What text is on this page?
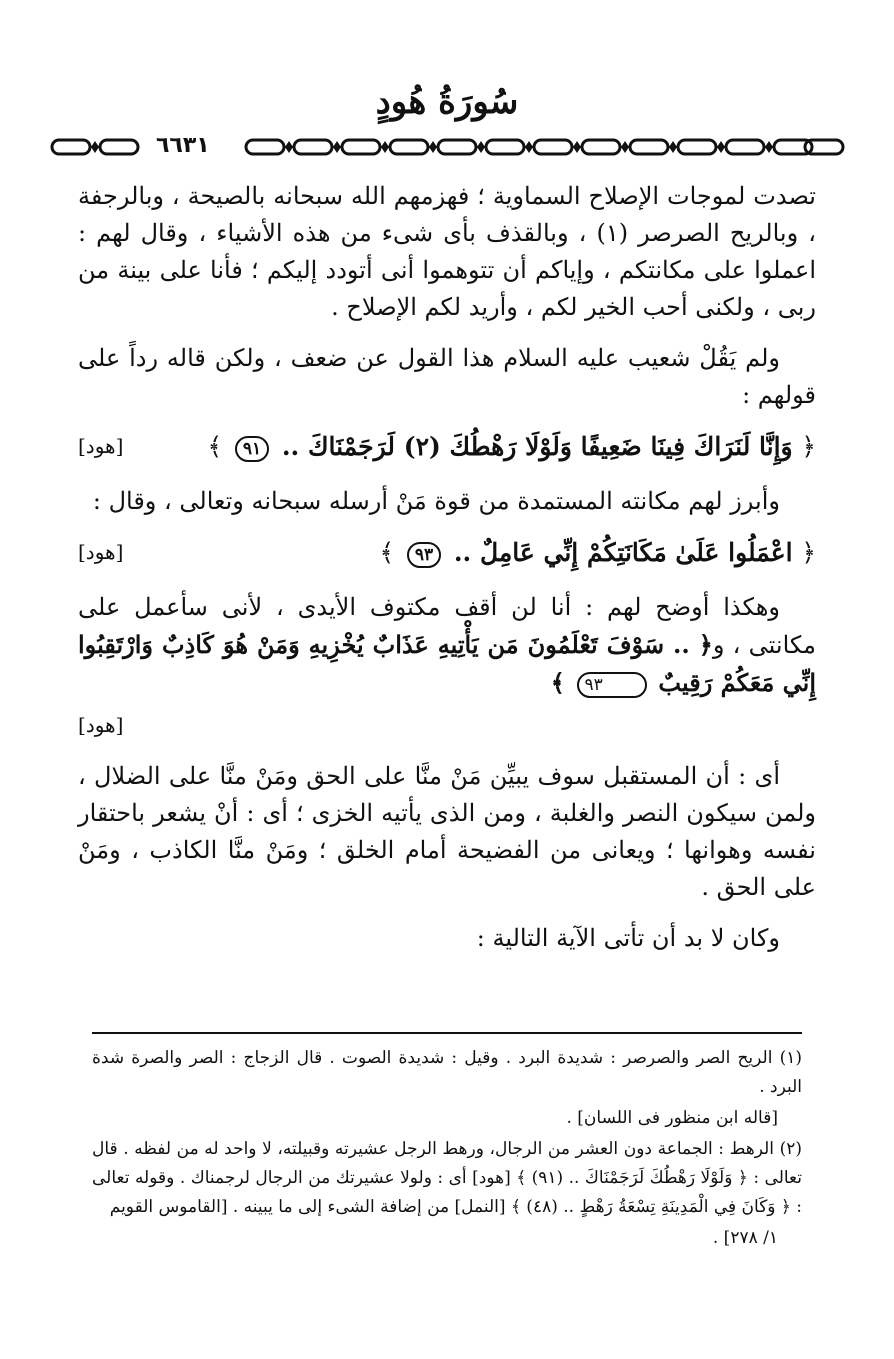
سُورَةُ هُودٍ
٦٦٣١

تصدت لموجات الإصلاح السماوية ؛ فهزمهم الله سبحانه بالصيحة ، وبالرجفة ، وبالريح الصرصر (١) ، وبالقذف بأى شىء من هذه الأشياء ، وقال لهم : اعملوا على مكانتكم ، وإياكم أن تتوهموا أنى أتودد إليكم ؛ فأنا على بينة من ربى ، ولكنى أحب الخير لكم ، وأريد لكم الإصلاح .

ولم يَقُلْ شعيب عليه السلام هذا القول عن ضعف ، ولكن قاله رداً على قولهم :

﴿ وَإِنَّا لَنَرَاكَ فِينَا ضَعِيفًا وَلَوْلَا رَهْطُكَ (٢) لَرَجَمْنَاكَ .. ٩١ ﴾
[هود]

وأبرز لهم مكانته المستمدة من قوة مَنْ أرسله سبحانه وتعالى ، وقال :

﴿ اعْمَلُوا عَلَىٰ مَكَانَتِكُمْ إِنِّي عَامِلٌ .. ٩٣ ﴾
[هود]

وهكذا أوضح لهم : أنا لن أقف مكتوف الأيدى ، لأنى سأعمل على مكانتى ، و﴿ .. سَوْفَ تَعْلَمُونَ مَن يَأْتِيهِ عَذَابٌ يُخْزِيهِ وَمَنْ هُوَ كَاذِبٌ وَارْتَقِبُوا إِنِّي مَعَكُمْ رَقِيبٌ ٩٣ ﴾

[هود]

أى : أن المستقبل سوف يبيِّن مَنْ منَّا على الحق ومَنْ منَّا على الضلال ، ولمن سيكون النصر والغلبة ، ومن الذى يأتيه الخزى ؛ أى : أنْ يشعر باحتقار نفسه وهوانها ؛ ويعانى من الفضيحة أمام الخلق ؛ ومَنْ منَّا الكاذب ، ومَنْ على الحق .

وكان لا بد أن تأتى الآية التالية :

(١) الريح الصر والصرصر : شديدة البرد . وقيل : شديدة الصوت . قال الزجاج : الصر والصرة شدة البرد .

[قاله ابن منظور فى اللسان] .

(٢) الرهط : الجماعة دون العشر من الرجال، ورهط الرجل عشيرته وقبيلته، لا واحد له من لفظه . قال تعالى : ﴿ وَلَوْلَا رَهْطُكَ لَرَجَمْنَاكَ .. (٩١) ﴾ [هود] أى : ولولا عشيرتك من الرجال لرجمناك . وقوله تعالى : ﴿ وَكَانَ فِي الْمَدِينَةِ تِسْعَةُ رَهْطٍ .. (٤٨) ﴾ [النمل] من إضافة الشىء إلى ما يبينه . [القاموس القويم

١/ ٢٧٨] .
